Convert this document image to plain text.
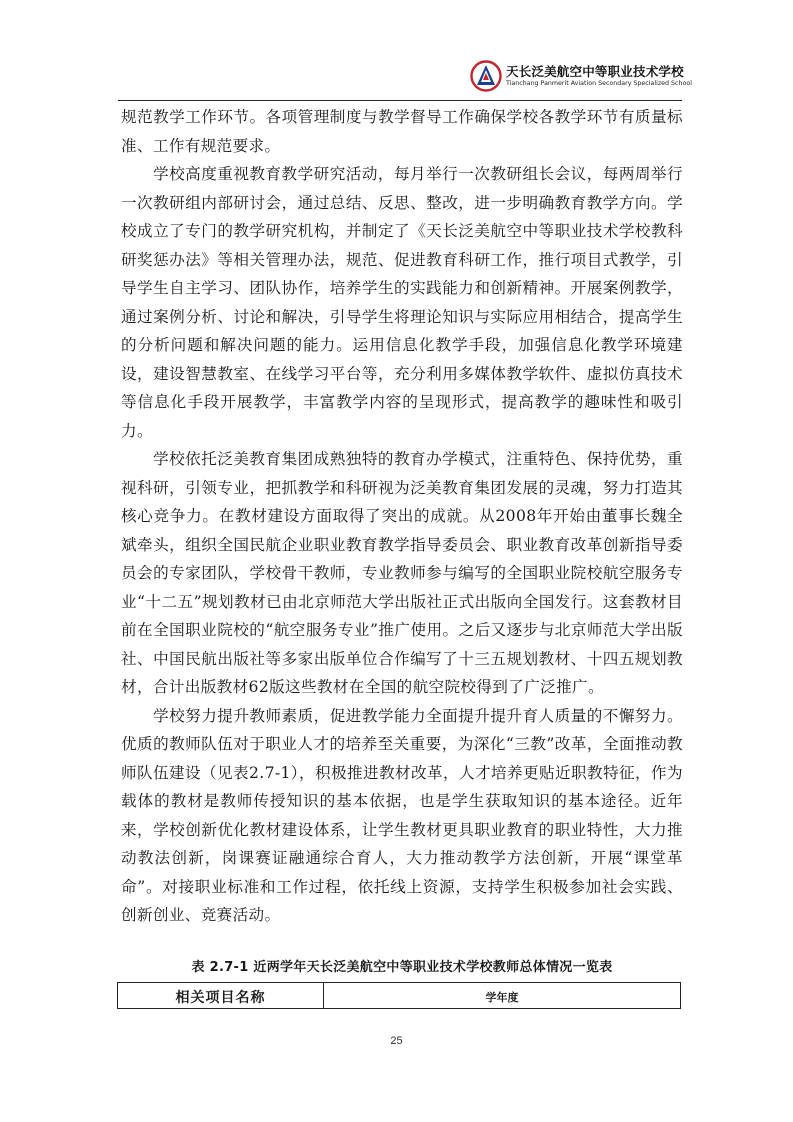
天长泛美航空中等职业技术学校
Tianchang Panmerit Aviation Secondary Specialized School

规范教学工作环节。各项管理制度与教学督导工作确保学校各教学环节有质量标准、工作有规范要求。

学校高度重视教育教学研究活动，每月举行一次教研组长会议，每两周举行一次教研组内部研讨会，通过总结、反思、整改，进一步明确教育教学方向。学校成立了专门的教学研究机构，并制定了《天长泛美航空中等职业技术学校教科研奖惩办法》等相关管理办法，规范、促进教育科研工作，推行项目式教学，引导学生自主学习、团队协作，培养学生的实践能力和创新精神。开展案例教学，通过案例分析、讨论和解决，引导学生将理论知识与实际应用相结合，提高学生的分析问题和解决问题的能力。运用信息化教学手段，加强信息化教学环境建设，建设智慧教室、在线学习平台等，充分利用多媒体教学软件、虚拟仿真技术等信息化手段开展教学，丰富教学内容的呈现形式，提高教学的趣味性和吸引力。

学校依托泛美教育集团成熟独特的教育办学模式，注重特色、保持优势，重视科研，引领专业，把抓教学和科研视为泛美教育集团发展的灵魂，努力打造其核心竞争力。在教材建设方面取得了突出的成就。从2008年开始由董事长魏全斌牵头，组织全国民航企业职业教育教学指导委员会、职业教育改革创新指导委员会的专家团队，学校骨干教师，专业教师参与编写的全国职业院校航空服务专业“十二五”规划教材已由北京师范大学出版社正式出版向全国发行。这套教材目前在全国职业院校的“航空服务专业”推广使用。之后又逐步与北京师范大学出版社、中国民航出版社等多家出版单位合作编写了十三五规划教材、十四五规划教材，合计出版教材62版这些教材在全国的航空院校得到了广泛推广。

学校努力提升教师素质，促进教学能力全面提升提升育人质量的不懈努力。优质的教师队伍对于职业人才的培养至关重要，为深化“三教”改革，全面推动教师队伍建设（见表2.7-1），积极推进教材改革，人才培养更贴近职教特征，作为载体的教材是教师传授知识的基本依据，也是学生获取知识的基本途径。近年来，学校创新优化教材建设体系，让学生教材更具职业教育的职业特性，大力推动教法创新，岗课赛证融通综合育人，大力推动教学方法创新，开展“课堂革命”。对接职业标准和工作过程，依托线上资源，支持学生积极参加社会实践、创新创业、竞赛活动。

表 2.7-1 近两学年天长泛美航空中等职业技术学校教师总体情况一览表
相关项目名称	学年度
25
